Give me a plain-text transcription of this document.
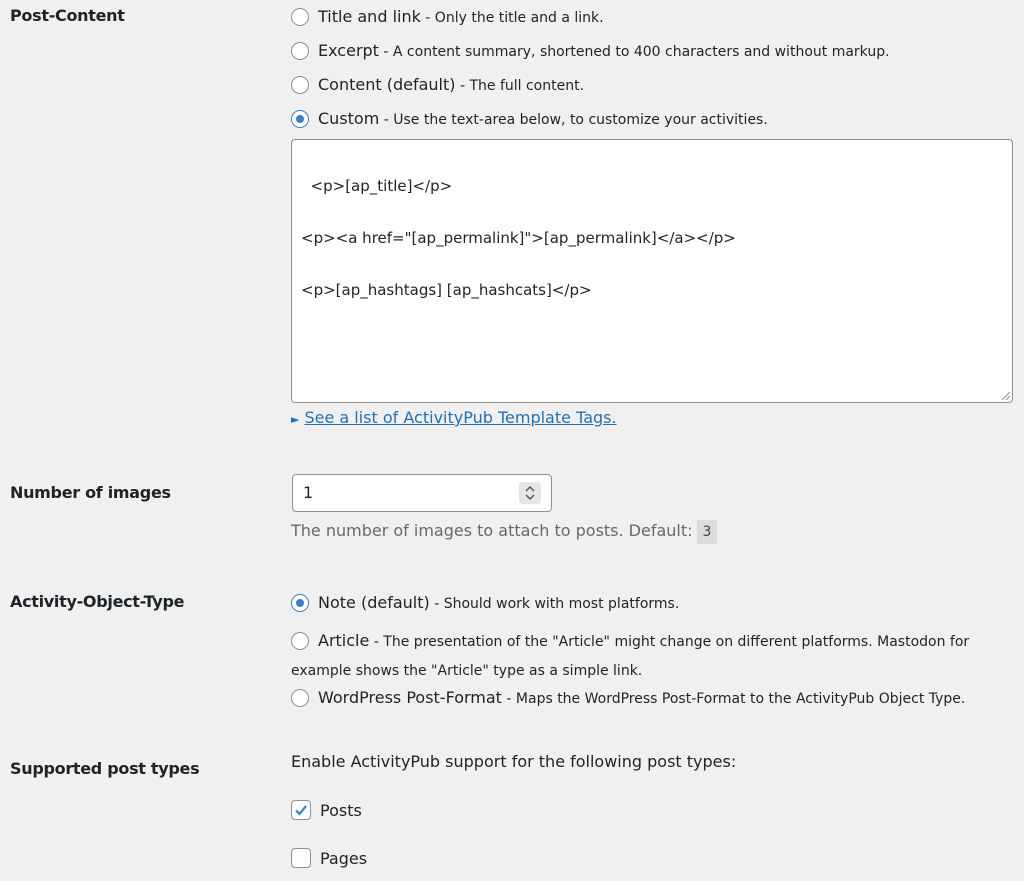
Post-Content	Title and link - Only the title and a link.
Excerpt - A content summary, shortened to 400 characters and without markup.
Content (default) - The full content.
Custom - Use the text-area below, to customize your activities.

<p>[ap_title]</p>

<p><a href="[ap_permalink]">[ap_permalink]</a></p>

<p>[ap_hashtags] [ap_hashcats]</p>

► See a list of ActivityPub Template Tags.
Number of images	1
The number of images to attach to posts. Default: 3
Activity-Object-Type	Note (default) - Should work with most platforms.
Article - The presentation of the "Article" might change on different platforms. Mastodon for example shows the "Article" type as a simple link.
WordPress Post-Format - Maps the WordPress Post-Format to the ActivityPub Object Type.
Supported post types	Enable ActivityPub support for the following post types:
Posts
Pages
